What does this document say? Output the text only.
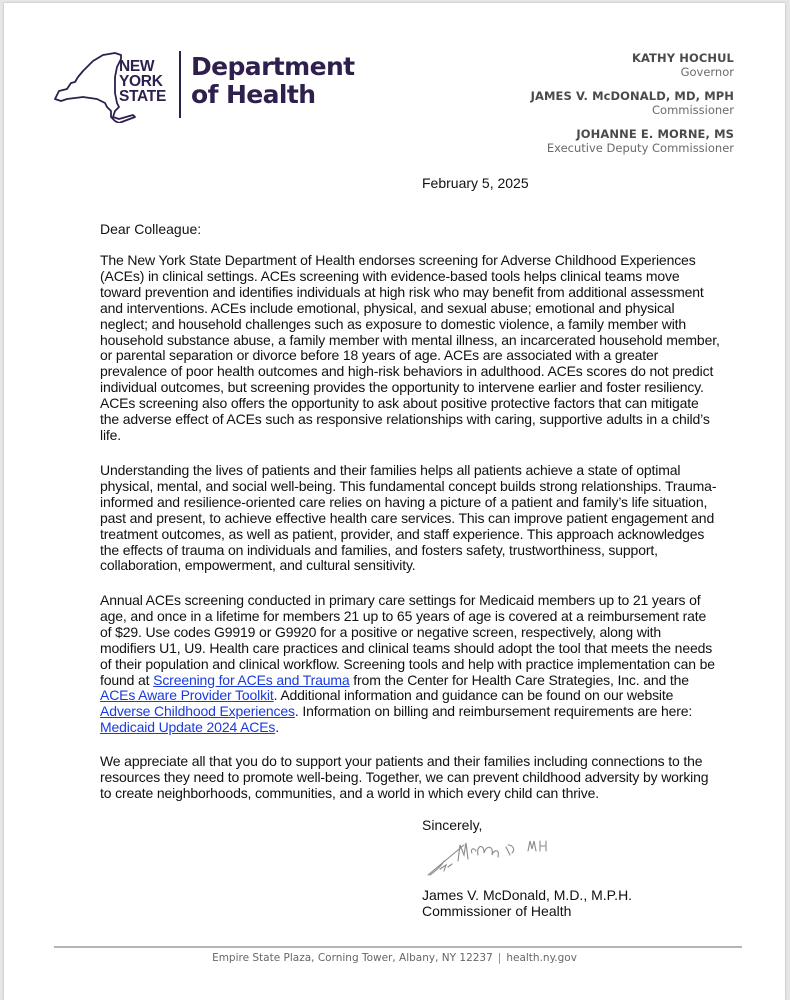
NEW
YORK
STATE
Department
of Health
KATHY HOCHUL
Governor
JAMES V. McDONALD, MD, MPH
Commissioner
JOHANNE E. MORNE, MS
Executive Deputy Commissioner
February 5, 2025
Dear Colleague:
The New York State Department of Health endorses screening for Adverse Childhood Experiences (ACEs) in clinical settings. ACEs screening with evidence-based tools helps clinical teams move toward prevention and identifies individuals at high risk who may benefit from additional assessment and interventions. ACEs include emotional, physical, and sexual abuse; emotional and physical neglect; and household challenges such as exposure to domestic violence, a family member with household substance abuse, a family member with mental illness, an incarcerated household member, or parental separation or divorce before 18 years of age. ACEs are associated with a greater prevalence of poor health outcomes and high-risk behaviors in adulthood. ACEs scores do not predict individual outcomes, but screening provides the opportunity to intervene earlier and foster resiliency. ACEs screening also offers the opportunity to ask about positive protective factors that can mitigate the adverse effect of ACEs such as responsive relationships with caring, supportive adults in a child’s life.
Understanding the lives of patients and their families helps all patients achieve a state of optimal physical, mental, and social well-being. This fundamental concept builds strong relationships. Trauma-informed and resilience-oriented care relies on having a picture of a patient and family’s life situation, past and present, to achieve effective health care services. This can improve patient engagement and treatment outcomes, as well as patient, provider, and staff experience. This approach acknowledges the effects of trauma on individuals and families, and fosters safety, trustworthiness, support, collaboration, empowerment, and cultural sensitivity.
Annual ACEs screening conducted in primary care settings for Medicaid members up to 21 years of age, and once in a lifetime for members 21 up to 65 years of age is covered at a reimbursement rate of $29. Use codes G9919 or G9920 for a positive or negative screen, respectively, along with modifiers U1, U9. Health care practices and clinical teams should adopt the tool that meets the needs of their population and clinical workflow. Screening tools and help with practice implementation can be found at Screening for ACEs and Trauma from the Center for Health Care Strategies, Inc. and the ACEs Aware Provider Toolkit. Additional information and guidance can be found on our website Adverse Childhood Experiences. Information on billing and reimbursement requirements are here: Medicaid Update 2024 ACEs.
We appreciate all that you do to support your patients and their families including connections to the resources they need to promote well-being. Together, we can prevent childhood adversity by working to create neighborhoods, communities, and a world in which every child can thrive.
Sincerely,
James V. McDonald, M.D., M.P.H.
Commissioner of Health
Empire State Plaza, Corning Tower, Albany, NY 12237 | health.ny.gov
